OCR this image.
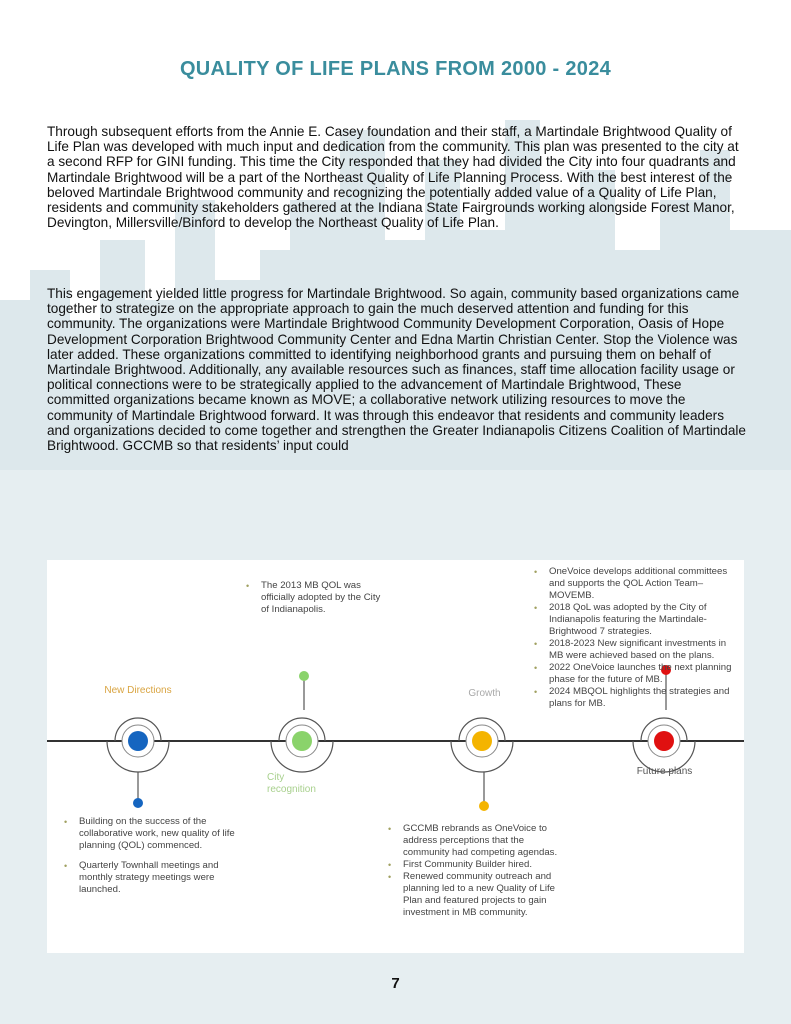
QUALITY OF LIFE PLANS FROM 2000 - 2024
Through subsequent efforts from the Annie E. Casey foundation and their staff, a Martindale Brightwood Quality of Life Plan was developed with much input and dedication from the community. This plan was presented to the city at a second RFP for GINI funding. This time the City responded that they had divided the City into four quadrants and Martindale Brightwood will be a part of the Northeast Quality of Life Planning Process. With the best interest of the beloved Martindale Brightwood community and recognizing the potentially added value of a Quality of Life Plan, residents and community stakeholders gathered at the Indiana State Fairgrounds working alongside Forest Manor, Devington, Millersville/Binford to develop the Northeast Quality of Life Plan.
This engagement yielded little progress for Martindale Brightwood. So again, community based organizations came together to strategize on the appropriate approach to gain the much deserved attention and funding for this community. The organizations were Martindale Brightwood Community Development Corporation, Oasis of Hope Development Corporation Brightwood Community Center and Edna Martin Christian Center. Stop the Violence was later added. These organizations committed to identifying neighborhood grants and pursuing them on behalf of Martindale Brightwood. Additionally, any available resources such as finances, staff time allocation facility usage or political connections were to be strategically applied to the advancement of Martindale Brightwood, These committed organizations became known as MOVE; a collaborative network utilizing resources to move the community of Martindale Brightwood forward. It was through this endeavor that residents and community leaders and organizations decided to come together and strengthen the Greater Indianapolis Citizens Coalition of Martindale Brightwood. GCCMB so that residents’ input could
New Directions
City recognition
Growth
Future plans
• Building on the success of the collaborative work, new quality of life planning (QOL) commenced.
• Quarterly Townhall meetings and monthly strategy meetings were launched.
• The 2013 MB QOL was officially adopted by the City of Indianapolis.
• GCCMB rebrands as OneVoice to address perceptions that the community had competing agendas.
• First Community Builder hired.
• Renewed community outreach and planning led to a new Quality of Life Plan and featured projects to gain investment in MB community.
• OneVoice develops additional committees and supports the QOL Action Team–MOVEMB.
• 2018 QoL was adopted by the City of Indianapolis featuring the Martindale-Brightwood 7 strategies.
• 2018-2023 New significant investments in MB were achieved based on the plans.
• 2022 OneVoice launches the next planning phase for the future of MB.
• 2024 MBQOL highlights the strategies and plans for MB.
7
